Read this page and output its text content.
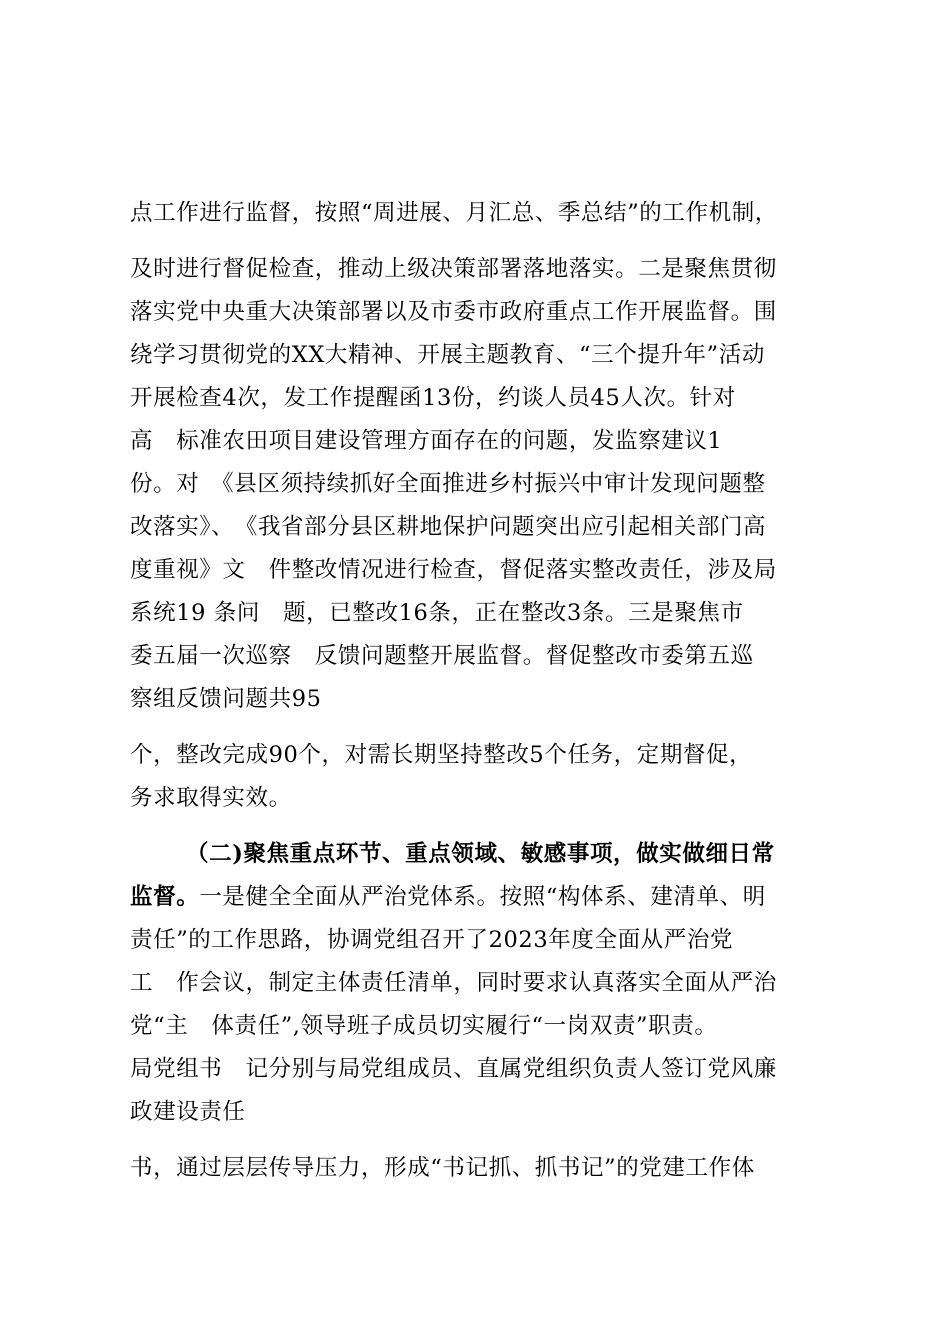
点工作进行监督，按照“周进展、月汇总、季总结”的工作机制，
及时进行督促检查，推动上级决策部署落地落实。二是聚焦贯彻
落实党中央重大决策部署以及市委市政府重点工作开展监督。围
绕学习贯彻党的XX大精神、开展主题教育、“三个提升年”活动
开展检查4次，发工作提醒函13份，约谈人员45人次。针对
高　标准农田项目建设管理方面存在的问题，发监察建议1
份。对　《县区须持续抓好全面推进乡村振兴中审计发现问题整
改落实》、　《我省部分县区耕地保护问题突出应引起相关部门高
度重视》文　件整改情况进行检查，督促落实整改责任，涉及局
系统19 条问　题，已整改16条，正在整改3条。三是聚焦市
委五届一次巡察　反馈问题整开展监督。督促整改市委第五巡
察组反馈问题共95
个，整改完成90个，对需长期坚持整改5个任务，定期督促，
务求取得实效。
（二)聚焦重点环节、重点领域、敏感事项，做实做细日常
监督。一是健全全面从严治党体系。按照“构体系、建清单、明
责任”的工作思路，协调党组召开了2023年度全面从严治党
工　作会议，制定主体责任清单，同时要求认真落实全面从严治
党“主　体责任”,领导班子成员切实履行“一岗双责”职责。
局党组书　记分别与局党组成员、直属党组织负责人签订党风廉
政建设责任
书，通过层层传导压力，形成“书记抓、抓书记”的党建工作体
